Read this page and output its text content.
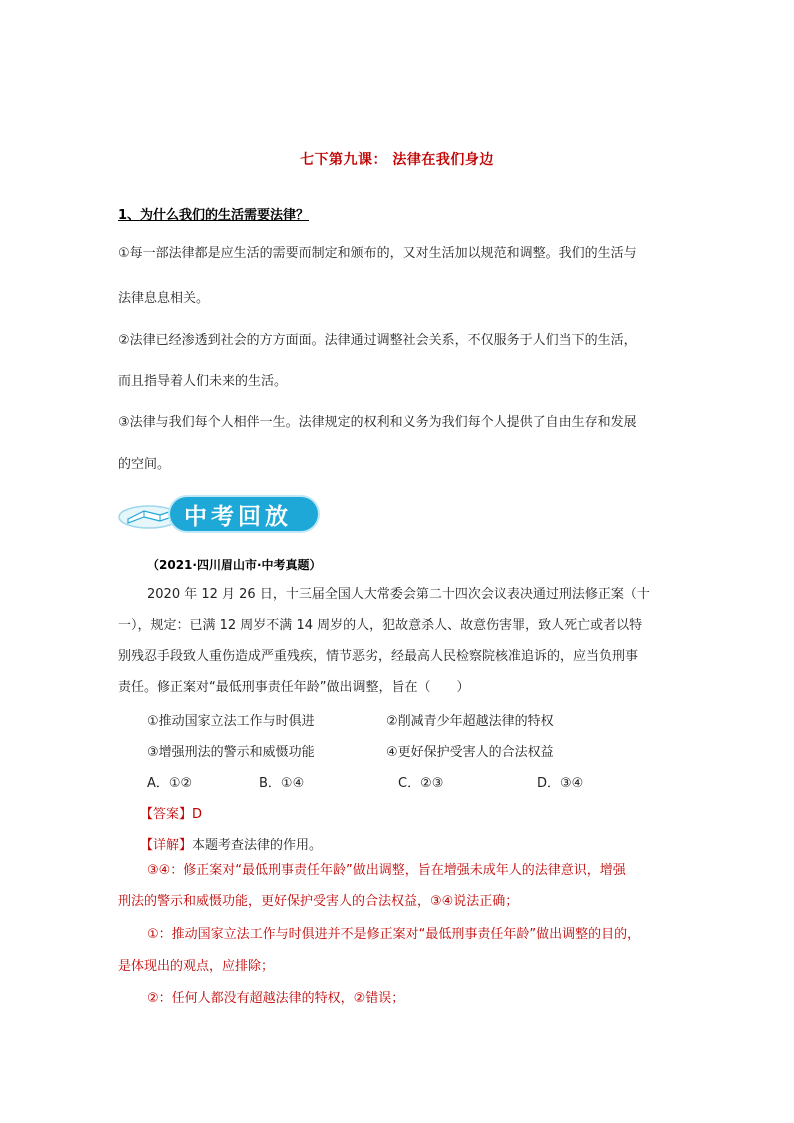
七下第九课： 法律在我们身边
1、为什么我们的生活需要法律？
①每一部法律都是应生活的需要而制定和颁布的，又对生活加以规范和调整。我们的生活与
法律息息相关。
②法律已经渗透到社会的方方面面。法律通过调整社会关系，不仅服务于人们当下的生活，
而且指导着人们未来的生活。
③法律与我们每个人相伴一生。法律规定的权利和义务为我们每个人提供了自由生存和发展
的空间。
中考回放
（2021·四川眉山市·中考真题）
2020 年 12 月 26 日，十三届全国人大常委会第二十四次会议表决通过刑法修正案（十
一），规定：已满 12 周岁不满 14 周岁的人，犯故意杀人、故意伤害罪，致人死亡或者以特
别残忍手段致人重伤造成严重残疾，情节恶劣，经最高人民检察院核准追诉的，应当负刑事
责任。修正案对“最低刑事责任年龄”做出调整，旨在（　　）
①推动国家立法工作与时俱进	②削减青少年超越法律的特权
③增强刑法的警示和威慑功能	④更好保护受害人的合法权益
A．①②	B．①④	C．②③	D．③④
【答案】D
【详解】本题考查法律的作用。
③④：修正案对“最低刑事责任年龄”做出调整，旨在增强未成年人的法律意识，增强
刑法的警示和威慑功能，更好保护受害人的合法权益，③④说法正确；
①：推动国家立法工作与时俱进并不是修正案对“最低刑事责任年龄”做出调整的目的，
是体现出的观点，应排除；
②：任何人都没有超越法律的特权，②错误；
